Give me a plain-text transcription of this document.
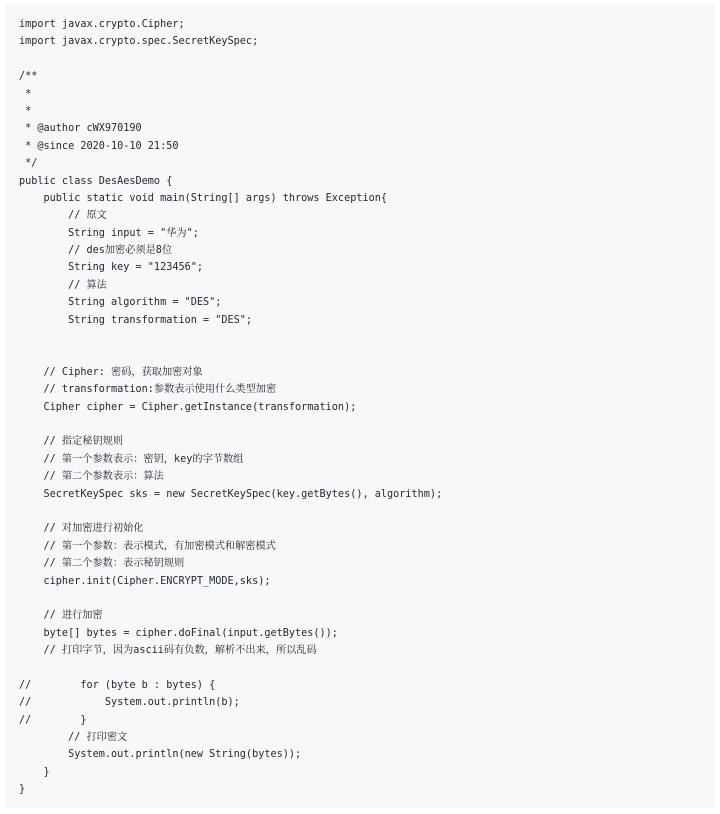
import javax.crypto.Cipher;
import javax.crypto.spec.SecretKeySpec;
/**
*
*
* @author cWX970190
* @since 2020-10-10 21:50
*/
public class DesAesDemo {
public static void main(String[] args) throws Exception{
// 原文
String input = "华为";
// des加密必须是8位
String key = "123456";
// 算法
String algorithm = "DES";
String transformation = "DES";
// Cipher: 密码，获取加密对象
// transformation:参数表示使用什么类型加密
Cipher cipher = Cipher.getInstance(transformation);
// 指定秘钥规则
// 第一个参数表示：密钥，key的字节数组
// 第二个参数表示：算法
SecretKeySpec sks = new SecretKeySpec(key.getBytes(), algorithm);
// 对加密进行初始化
// 第一个参数：表示模式，有加密模式和解密模式
// 第二个参数：表示秘钥规则
cipher.init(Cipher.ENCRYPT_MODE,sks);
// 进行加密
byte[] bytes = cipher.doFinal(input.getBytes());
// 打印字节，因为ascii码有负数，解析不出来，所以乱码
//        for (byte b : bytes) {
//            System.out.println(b);
//        }
// 打印密文
System.out.println(new String(bytes));
}
}
